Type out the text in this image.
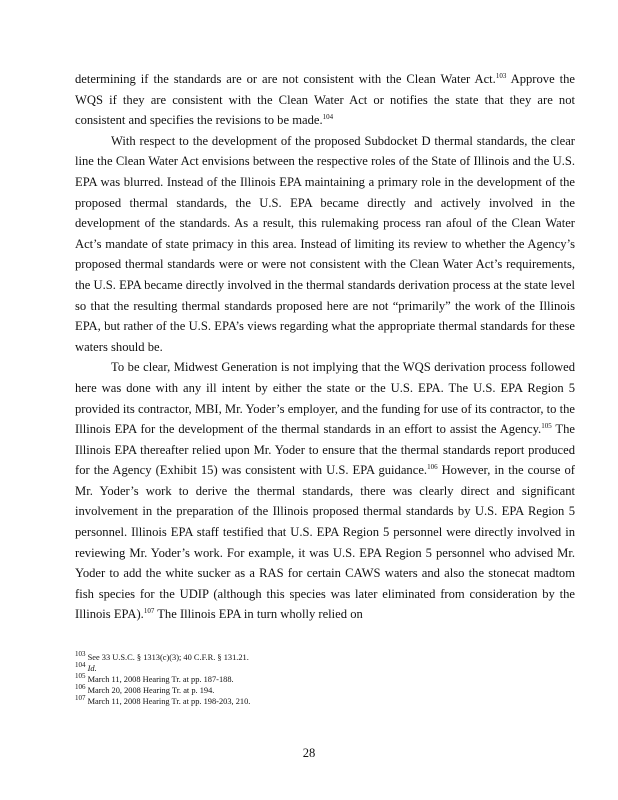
determining if the standards are or are not consistent with the Clean Water Act.$^{103}$ Approve the WQS if they are consistent with the Clean Water Act or notifies the state that they are not consistent and specifies the revisions to be made.$^{104}$

With respect to the development of the proposed Subdocket D thermal standards, the clear line the Clean Water Act envisions between the respective roles of the State of Illinois and the U.S. EPA was blurred. Instead of the Illinois EPA maintaining a primary role in the development of the proposed thermal standards, the U.S. EPA became directly and actively involved in the development of the standards. As a result, this rulemaking process ran afoul of the Clean Water Act’s mandate of state primacy in this area. Instead of limiting its review to whether the Agency’s proposed thermal standards were or were not consistent with the Clean Water Act’s requirements, the U.S. EPA became directly involved in the thermal standards derivation process at the state level so that the resulting thermal standards proposed here are not “primarily” the work of the Illinois EPA, but rather of the U.S. EPA’s views regarding what the appropriate thermal standards for these waters should be.

To be clear, Midwest Generation is not implying that the WQS derivation process followed here was done with any ill intent by either the state or the U.S. EPA. The U.S. EPA Region 5 provided its contractor, MBI, Mr. Yoder’s employer, and the funding for use of its contractor, to the Illinois EPA for the development of the thermal standards in an effort to assist the Agency.$^{105}$ The Illinois EPA thereafter relied upon Mr. Yoder to ensure that the thermal standards report produced for the Agency (Exhibit 15) was consistent with U.S. EPA guidance.$^{106}$ However, in the course of Mr. Yoder’s work to derive the thermal standards, there was clearly direct and significant involvement in the preparation of the Illinois proposed thermal standards by U.S. EPA Region 5 personnel. Illinois EPA staff testified that U.S. EPA Region 5 personnel were directly involved in reviewing Mr. Yoder’s work. For example, it was U.S. EPA Region 5 personnel who advised Mr. Yoder to add the white sucker as a RAS for certain CAWS waters and also the stonecat madtom fish species for the UDIP (although this species was later eliminated from consideration by the Illinois EPA).$^{107}$ The Illinois EPA in turn wholly relied on

$^{103}$ See 33 U.S.C. § 1313(c)(3); 40 C.F.R. § 131.21.
$^{104}$ Id.
$^{105}$ March 11, 2008 Hearing Tr. at pp. 187-188.
$^{106}$ March 20, 2008 Hearing Tr. at p. 194.
$^{107}$ March 11, 2008 Hearing Tr. at pp. 198-203, 210.
28
